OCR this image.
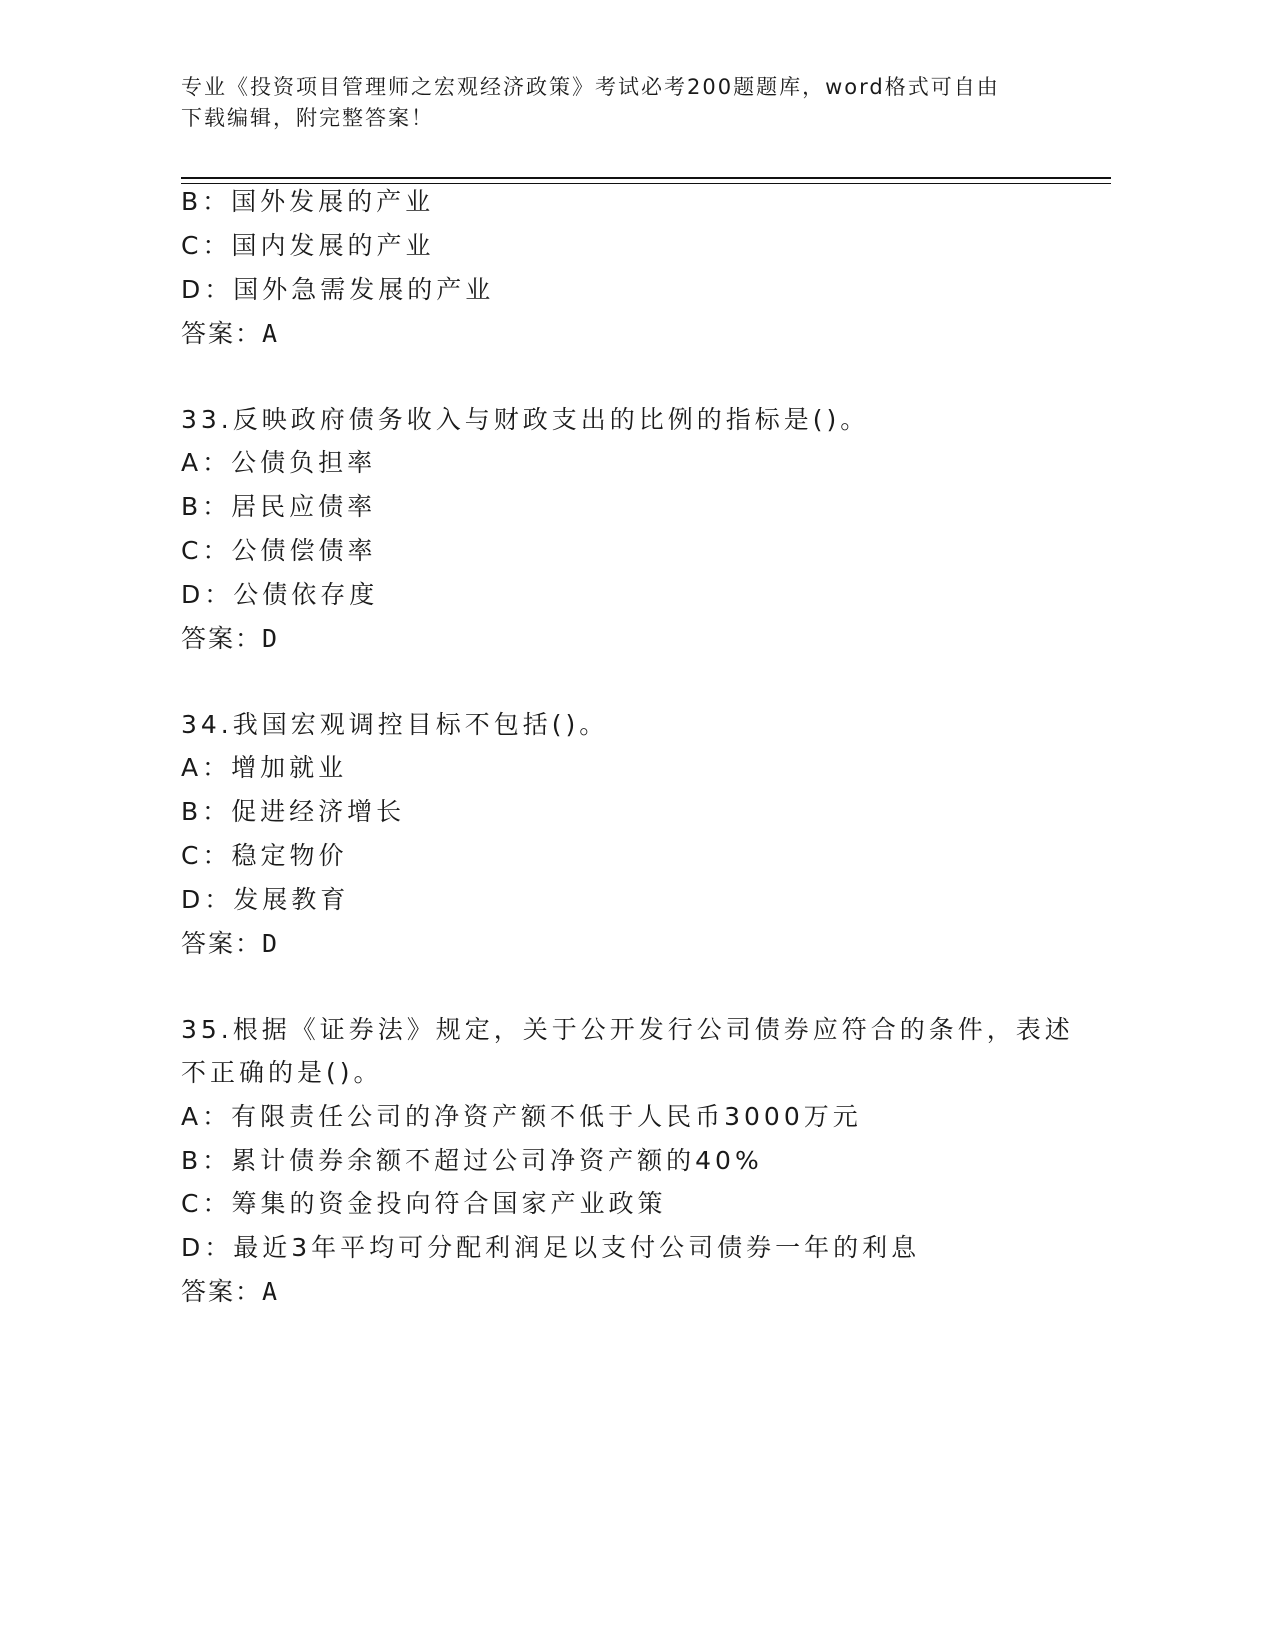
专业《投资项目管理师之宏观经济政策》考试必考200题题库，word格式可自由
下载编辑，附完整答案！
B：国外发展的产业
C：国内发展的产业
D：国外急需发展的产业
答案：A
33.反映政府债务收入与财政支出的比例的指标是()。
A：公债负担率
B：居民应债率
C：公债偿债率
D：公债依存度
答案：D
34.我国宏观调控目标不包括()。
A：增加就业
B：促进经济增长
C：稳定物价
D：发展教育
答案：D
35.根据《证券法》规定，关于公开发行公司债券应符合的条件，表述
不正确的是()。
A：有限责任公司的净资产额不低于人民币3000万元
B：累计债券余额不超过公司净资产额的40%
C：筹集的资金投向符合国家产业政策
D：最近3年平均可分配利润足以支付公司债券一年的利息
答案：A
